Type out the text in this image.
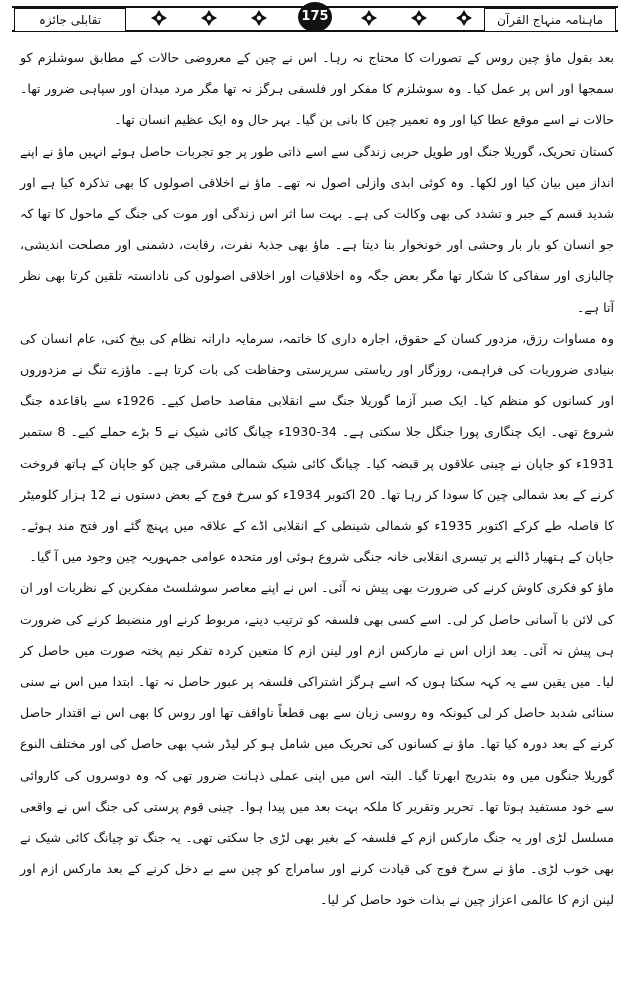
تقابلی جائزہ	175	ماہنامہ منہاج القرآن

بعد بقول ماؤ چین روس کے تصورات کا محتاج نہ رہا۔ اس نے چین کے معروضی حالات کے مطابق سوشلزم کو سمجھا اور اس پر عمل کیا۔ وہ سوشلزم کا مفکر اور فلسفی ہرگز نہ تھا مگر مرد میدان اور سپاہی ضرور تھا۔ حالات نے اسے موقع عطا کیا اور وہ تعمیر چین کا بانی بن گیا۔ بہر حال وہ ایک عظیم انسان تھا۔

کستان تحریک، گوریلا جنگ اور طویل حربی زندگی سے اسے ذاتی طور پر جو تجربات حاصل ہوئے انہیں ماؤ نے اپنے انداز میں بیان کیا اور لکھا۔ وہ کوئی ابدی وازلی اصول نہ تھے۔ ماؤ نے اخلاقی اصولوں کا بھی تذکرہ کیا ہے اور شدید قسم کے جبر و تشدد کی بھی وکالت کی ہے۔ بہت سا اثر اس زندگی اور موت کی جنگ کے ماحول کا تھا کہ جو انسان کو بار بار وحشی اور خونخوار بنا دیتا ہے۔ ماؤ بھی جذبۂ نفرت، رقابت، دشمنی اور مصلحت اندیشی، چالبازی اور سفاکی کا شکار تھا مگر بعض جگہ وہ اخلاقیات اور اخلاقی اصولوں کی نادانستہ تلقین کرتا بھی نظر آتا ہے۔

وہ مساوات رزق، مزدور کسان کے حقوق، اجارہ داری کا خاتمہ، سرمایہ دارانہ نظام کی بیخ کنی، عام انسان کی بنیادی ضروریات کی فراہمی، روزگار اور ریاستی سرپرستی وحفاظت کی بات کرتا ہے۔ ماؤزے تنگ نے مزدوروں اور کسانوں کو منظم کیا۔ ایک صبر آزما گوریلا جنگ سے انقلابی مقاصد حاصل کیے۔ 1926ء سے باقاعدہ جنگ شروع تھی۔ ایک چنگاری پورا جنگل جلا سکتی ہے۔ 34-1930ء چیانگ کائی شیک نے 5 بڑے حملے کیے۔ 8 ستمبر 1931ء کو جاپان نے چینی علاقوں پر قبضہ کیا۔ چیانگ کائی شیک شمالی مشرقی چین کو جاپان کے ہاتھ فروخت کرنے کے بعد شمالی چین کا سودا کر رہا تھا۔ 20 اکتوبر 1934ء کو سرخ فوج کے بعض دستوں نے 12 ہزار کلومیٹر کا فاصلہ طے کرکے اکتوبر 1935ء کو شمالی شینطی کے انقلابی اڈے کے علاقہ میں پہنچ گئے اور فتح مند ہوئے۔ جاپان کے ہتھیار ڈالنے پر تیسری انقلابی خانہ جنگی شروع ہوئی اور متحدہ عوامی جمہوریہ چین وجود میں آ گیا۔

ماؤ کو فکری کاوش کرنے کی ضرورت بھی پیش نہ آئی۔ اس نے اپنے معاصر سوشلسٹ مفکرین کے نظریات اور ان کی لائن با آسانی حاصل کر لی۔ اسے کسی بھی فلسفہ کو ترتیب دینے، مربوط کرنے اور منضبط کرنے کی ضرورت ہی پیش نہ آئی۔ بعد ازاں اس نے مارکس ازم اور لینن ازم کا متعین کردہ تفکر نیم پختہ صورت میں حاصل کر لیا۔ میں یقین سے یہ کہہ سکتا ہوں کہ اسے ہرگز اشتراکی فلسفہ پر عبور حاصل نہ تھا۔ ابتدا میں اس نے سنی سنائی شدبد حاصل کر لی کیونکہ وہ روسی زبان سے بھی قطعاً ناواقف تھا اور روس کا بھی اس نے اقتدار حاصل کرنے کے بعد دورہ کیا تھا۔ ماؤ نے کسانوں کی تحریک میں شامل ہو کر لیڈر شپ بھی حاصل کی اور مختلف النوع گوریلا جنگوں میں وہ بتدریج ابھرتا گیا۔ البتہ اس میں اپنی عملی ذہانت ضرور تھی کہ وہ دوسروں کی کاروائی سے خود مستفید ہوتا تھا۔ تحریر وتقریر کا ملکہ بہت بعد میں پیدا ہوا۔ چینی قوم پرستی کی جنگ اس نے واقعی مسلسل لڑی اور یہ جنگ مارکس ازم کے فلسفہ کے بغیر بھی لڑی جا سکتی تھی۔ یہ جنگ تو چیانگ کائی شیک نے بھی خوب لڑی۔ ماؤ نے سرخ فوج کی قیادت کرنے اور سامراج کو چین سے بے دخل کرنے کے بعد مارکس ازم اور لینن ازم کا عالمی اعزاز چین نے بذات خود حاصل کر لیا۔
